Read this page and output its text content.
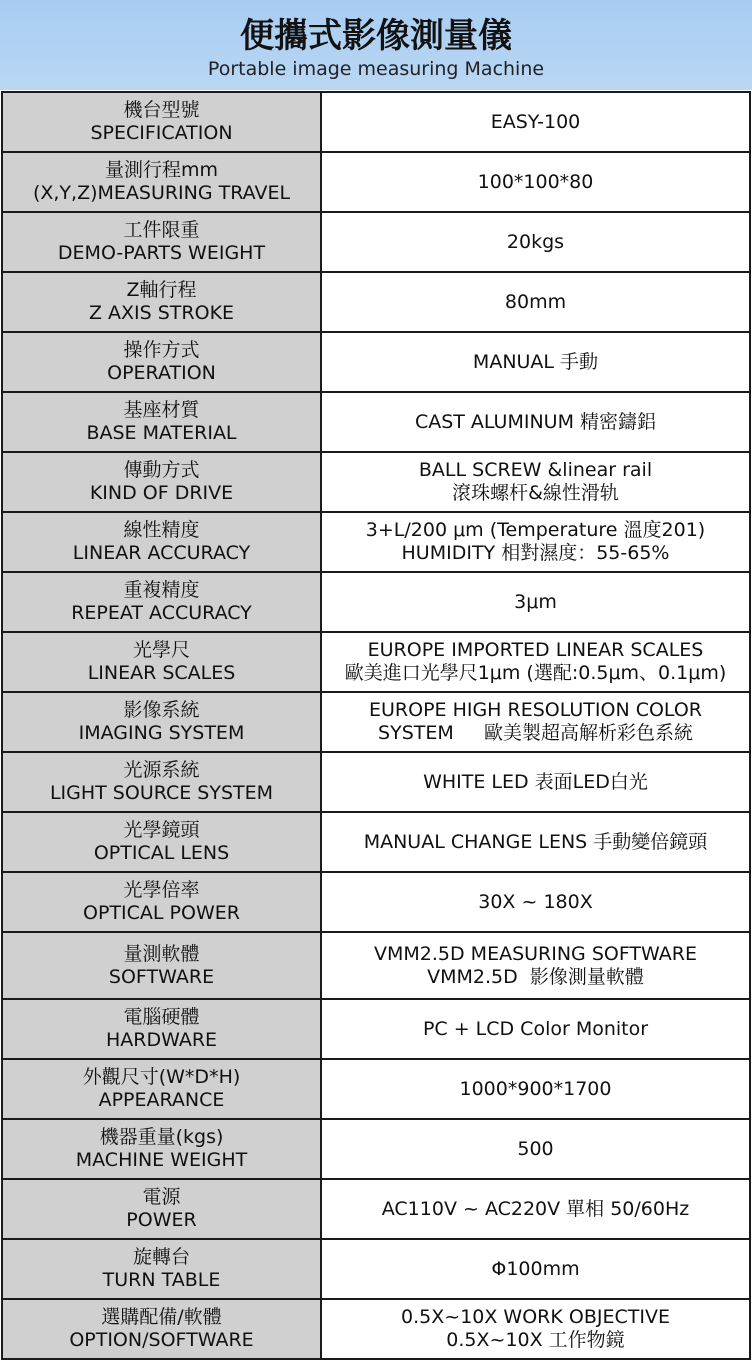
便攜式影像測量儀
Portable image measuring Machine
機台型號
SPECIFICATION	EASY-100

量測行程mm
(X,Y,Z)MEASURING TRAVEL	100*100*80

工件限重
DEMO-PARTS WEIGHT	20kgs

Z軸行程
Z AXIS STROKE	80mm

操作方式
OPERATION	MANUAL 手動

基座材質
BASE MATERIAL	CAST ALUMINUM 精密鑄鋁

傳動方式
KIND OF DRIVE	BALL SCREW &linear rail
滾珠螺杆&線性滑轨

線性精度
LINEAR ACCURACY	3+L/200 μm (Temperature 溫度201)
HUMIDITY 相對濕度：55-65%

重複精度
REPEAT ACCURACY	3μm

光學尺
LINEAR SCALES	EUROPE IMPORTED LINEAR SCALES
歐美進口光學尺1μm (選配:0.5μm、0.1μm)

影像系統
IMAGING SYSTEM	EUROPE HIGH RESOLUTION COLOR
SYSTEM     歐美製超高解析彩色系統

光源系統
LIGHT SOURCE SYSTEM	WHITE LED 表面LED白光

光學鏡頭
OPTICAL LENS	MANUAL CHANGE LENS 手動變倍鏡頭

光學倍率
OPTICAL POWER	30X ~ 180X

量測軟體
SOFTWARE	VMM2.5D MEASURING SOFTWARE
VMM2.5D  影像測量軟體

電腦硬體
HARDWARE	PC + LCD Color Monitor

外觀尺寸(W*D*H)
APPEARANCE	1000*900*1700

機器重量(kgs)
MACHINE WEIGHT	500

電源
POWER	AC110V ~ AC220V 單相 50/60Hz

旋轉台
TURN TABLE	Φ100mm

選購配備/軟體
OPTION/SOFTWARE	0.5X~10X WORK OBJECTIVE
0.5X~10X 工作物鏡
